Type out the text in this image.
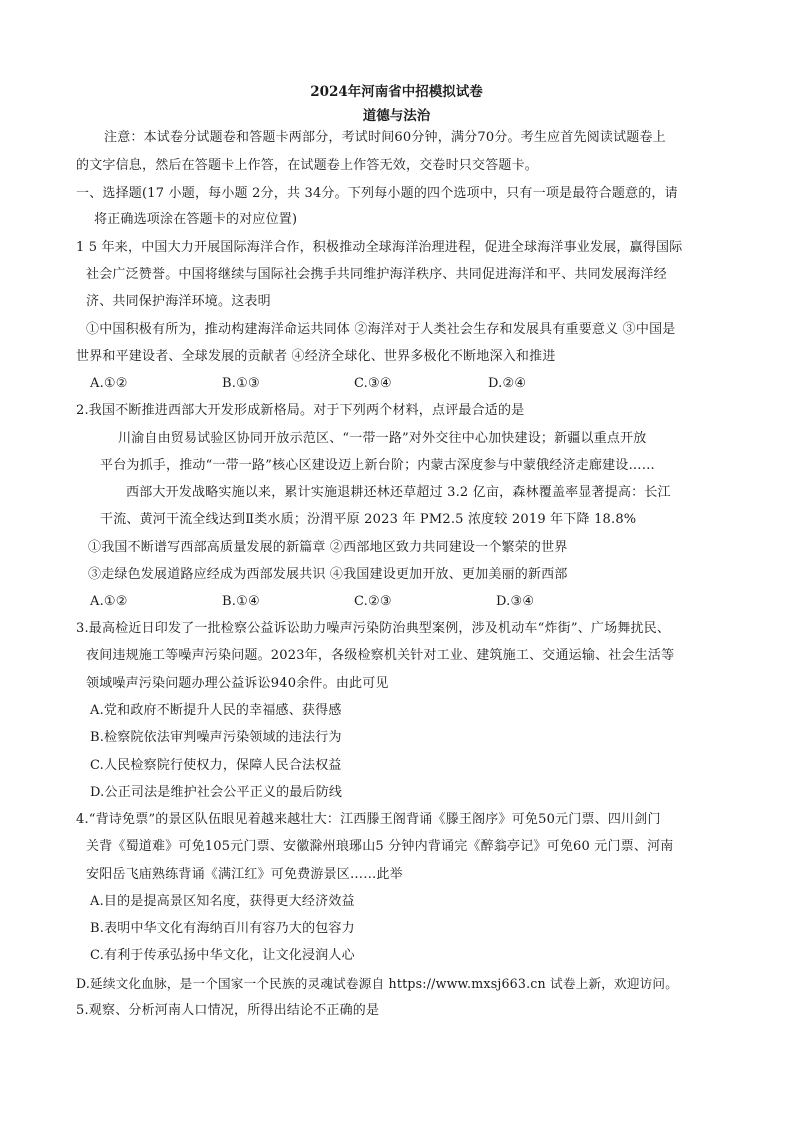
2024年河南省中招模拟试卷
道德与法治
注意：本试卷分试题卷和答题卡两部分，考试时间60分钟，满分70分。考生应首先阅读试题卷上
的文字信息，然后在答题卡上作答，在试题卷上作答无效，交卷时只交答题卡。
一、选择题(17 小题，每小题 2分，共 34分。下列每小题的四个选项中，只有一项是最符合题意的，请
将正确选项涂在答题卡的对应位置)
1 5 年来，中国大力开展国际海洋合作，积极推动全球海洋治理进程，促进全球海洋事业发展，赢得国际
社会广泛赞誉。中国将继续与国际社会携手共同维护海洋秩序、共同促进海洋和平、共同发展海洋经
济、共同保护海洋环境。这表明
①中国积极有所为，推动构建海洋命运共同体 ②海洋对于人类社会生存和发展具有重要意义 ③中国是
世界和平建设者、全球发展的贡献者 ④经济全球化、世界多极化不断地深入和推进
A.①②	B.①③	C.③④	D.②④
2.我国不断推进西部大开发形成新格局。对于下列两个材料，点评最合适的是
川渝自由贸易试验区协同开放示范区、“一带一路”对外交往中心加快建设；新疆以重点开放
平台为抓手，推动“一带一路”核心区建设迈上新台阶；内蒙古深度参与中蒙俄经济走廊建设……
西部大开发战略实施以来，累计实施退耕还林还草超过 3.2 亿亩，森林覆盖率显著提高：长江
干流、黄河干流全线达到Ⅱ类水质；汾渭平原 2023 年 PM2.5 浓度较 2019 年下降 18.8%
①我国不断谱写西部高质量发展的新篇章 ②西部地区致力共同建设一个繁荣的世界
③走绿色发展道路应经成为西部发展共识 ④我国建设更加开放、更加美丽的新西部
A.①②	B.①④	C.②③	D.③④
3.最高检近日印发了一批检察公益诉讼助力噪声污染防治典型案例，涉及机动车“炸街”、广场舞扰民、
夜间违规施工等噪声污染问题。2023年，各级检察机关针对工业、建筑施工、交通运输、社会生活等
领域噪声污染问题办理公益诉讼940余件。由此可见
A.党和政府不断提升人民的幸福感、获得感
B.检察院依法审判噪声污染领域的违法行为
C.人民检察院行使权力，保障人民合法权益
D.公正司法是维护社会公平正义的最后防线
4.“背诗免票”的景区队伍眼见着越来越壮大：江西滕王阁背诵《滕王阁序》可免50元门票、四川剑门
关背《蜀道难》可免105元门票、安徽滁州琅琊山5 分钟内背诵完《醉翁亭记》可免60 元门票、河南
安阳岳飞庙熟练背诵《满江红》可免费游景区……此举
A.目的是提高景区知名度，获得更大经济效益
B.表明中华文化有海纳百川有容乃大的包容力
C.有利于传承弘扬中华文化，让文化浸润人心
D.延续文化血脉，是一个国家一个民族的灵魂试卷源自 https://www.mxsj663.cn 试卷上新，欢迎访问。
5.观察、分析河南人口情况，所得出结论不正确的是
